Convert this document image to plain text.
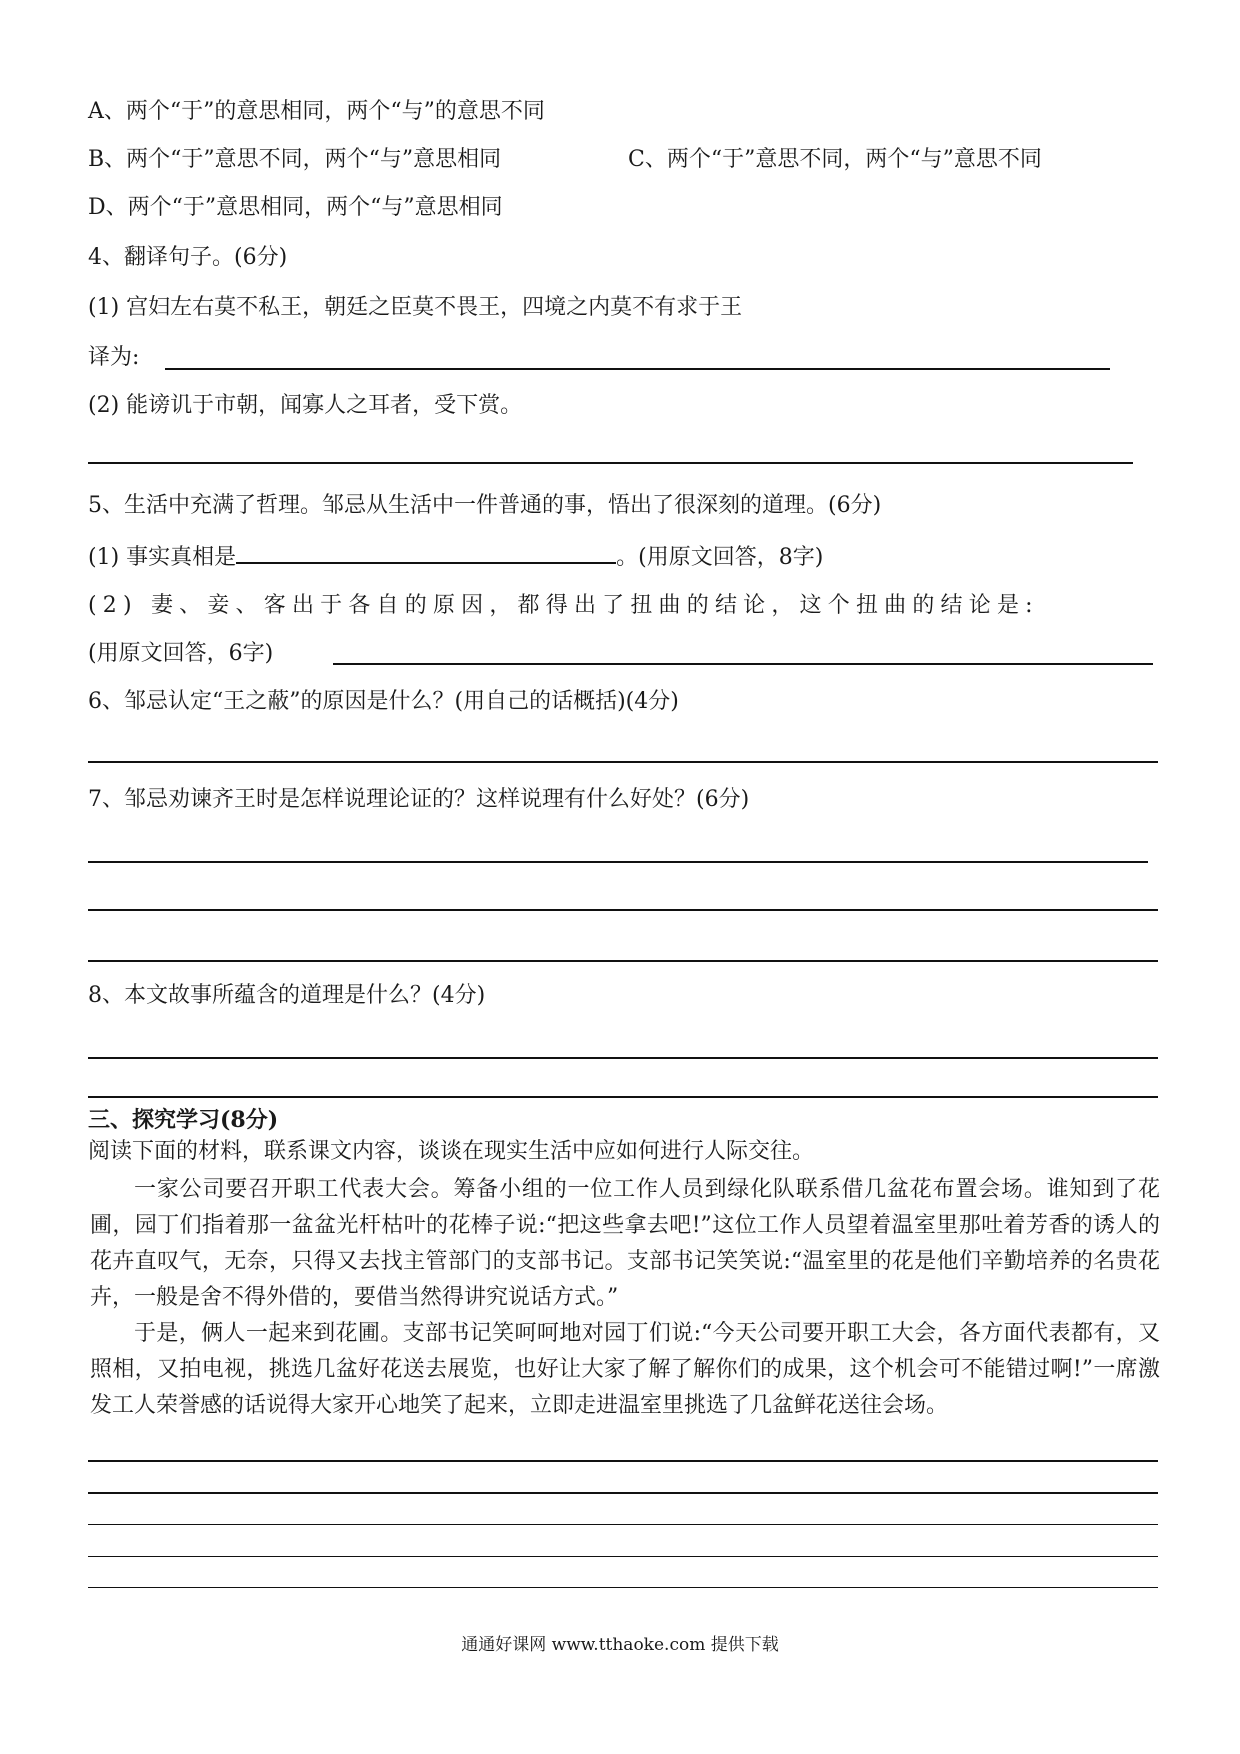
A、两个“于”的意思相同，两个“与”的意思不同
B、两个“于”意思不同，两个“与”意思相同	C、两个“于”意思不同，两个“与”意思不同
D、两个“于”意思相同，两个“与”意思相同
4、翻译句子。(6分)
(1) 宫妇左右莫不私王，朝廷之臣莫不畏王，四境之内莫不有求于王
译为:
(2) 能谤讥于市朝，闻寡人之耳者，受下赏。
5、生活中充满了哲理。邹忌从生活中一件普通的事，悟出了很深刻的道理。(6分)
(1) 事实真相是	。(用原文回答，8字)
(2) 妻、妾、客出于各自的原因，都得出了扭曲的结论，这个扭曲的结论是:
(用原文回答，6字)
6、邹忌认定“王之蔽”的原因是什么？(用自己的话概括)(4分)
7、邹忌劝谏齐王时是怎样说理论证的？这样说理有什么好处？(6分)
8、本文故事所蕴含的道理是什么？(4分)
三、探究学习(8分)
阅读下面的材料，联系课文内容，谈谈在现实生活中应如何进行人际交往。

一家公司要召开职工代表大会。筹备小组的一位工作人员到绿化队联系借几盆花布置会场。谁知到了花圃，园丁们指着那一盆盆光杆枯叶的花棒子说:“把这些拿去吧!”这位工作人员望着温室里那吐着芳香的诱人的花卉直叹气，无奈，只得又去找主管部门的支部书记。支部书记笑笑说:“温室里的花是他们辛勤培养的名贵花卉，一般是舍不得外借的，要借当然得讲究说话方式。”

于是，俩人一起来到花圃。支部书记笑呵呵地对园丁们说:“今天公司要开职工大会，各方面代表都有，又照相，又拍电视，挑选几盆好花送去展览，也好让大家了解了解你们的成果，这个机会可不能错过啊!”一席激发工人荣誉感的话说得大家开心地笑了起来，立即走进温室里挑选了几盆鲜花送往会场。

通通好课网 www.tthaoke.com 提供下载
